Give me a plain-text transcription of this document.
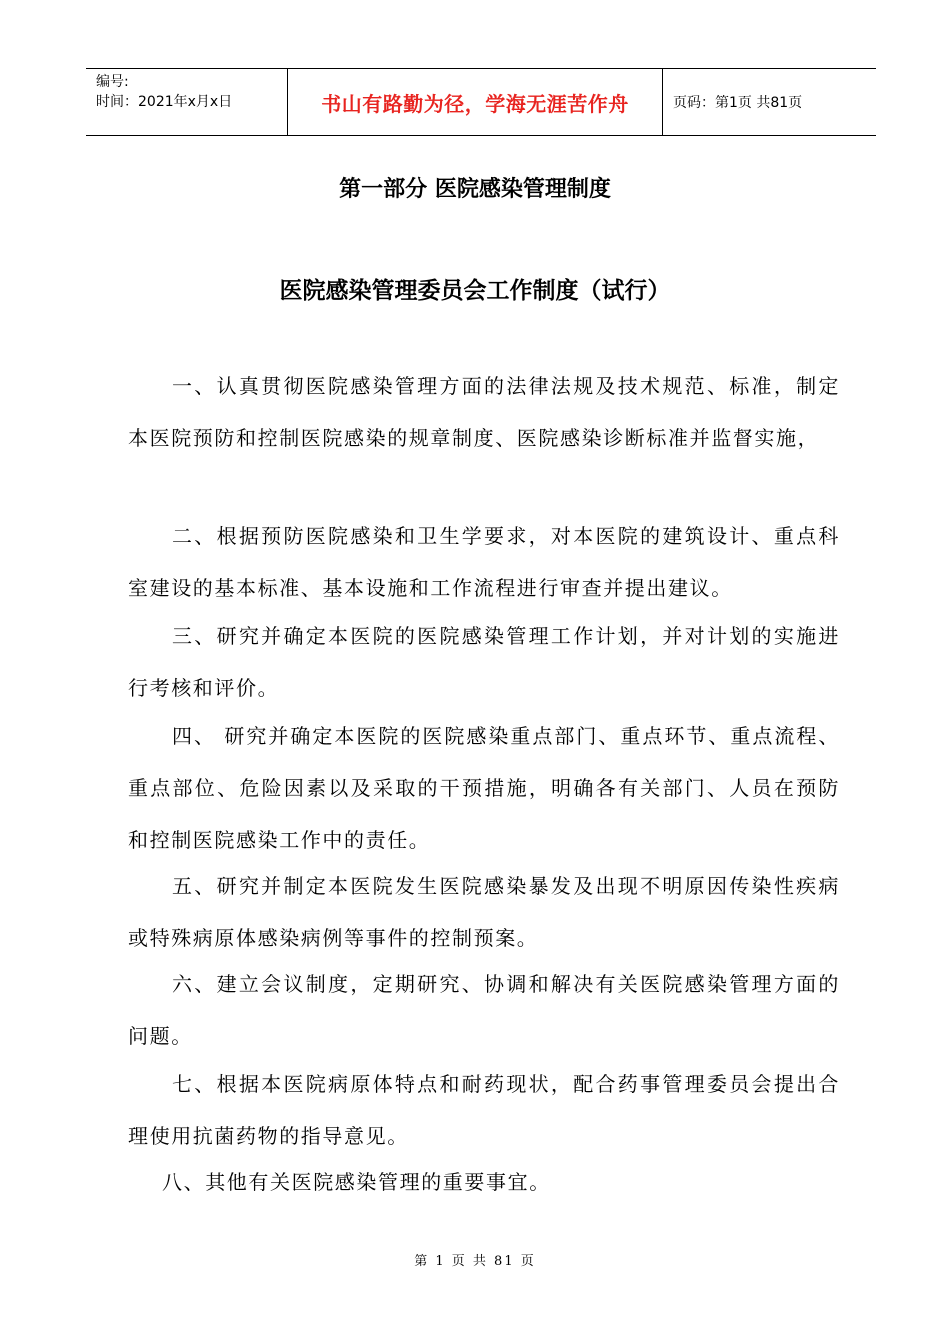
编号:
时间：2021年x月x日	书山有路勤为径，学海无涯苦作舟	页码：第1页 共81页
第一部分 医院感染管理制度
医院感染管理委员会工作制度（试行）

一、认真贯彻医院感染管理方面的法律法规及技术规范、标准，制定本医院预防和控制医院感染的规章制度、医院感染诊断标准并监督实施，

二、根据预防医院感染和卫生学要求，对本医院的建筑设计、重点科室建设的基本标准、基本设施和工作流程进行审查并提出建议。

三、研究并确定本医院的医院感染管理工作计划，并对计划的实施进行考核和评价。

四、 研究并确定本医院的医院感染重点部门、重点环节、重点流程、重点部位、危险因素以及采取的干预措施，明确各有关部门、人员在预防和控制医院感染工作中的责任。

五、研究并制定本医院发生医院感染暴发及出现不明原因传染性疾病或特殊病原体感染病例等事件的控制预案。

六、建立会议制度，定期研究、协调和解决有关医院感染管理方面的问题。

七、根据本医院病原体特点和耐药现状，配合药事管理委员会提出合理使用抗菌药物的指导意见。

八、其他有关医院感染管理的重要事宜。

第 1 页 共 81 页
